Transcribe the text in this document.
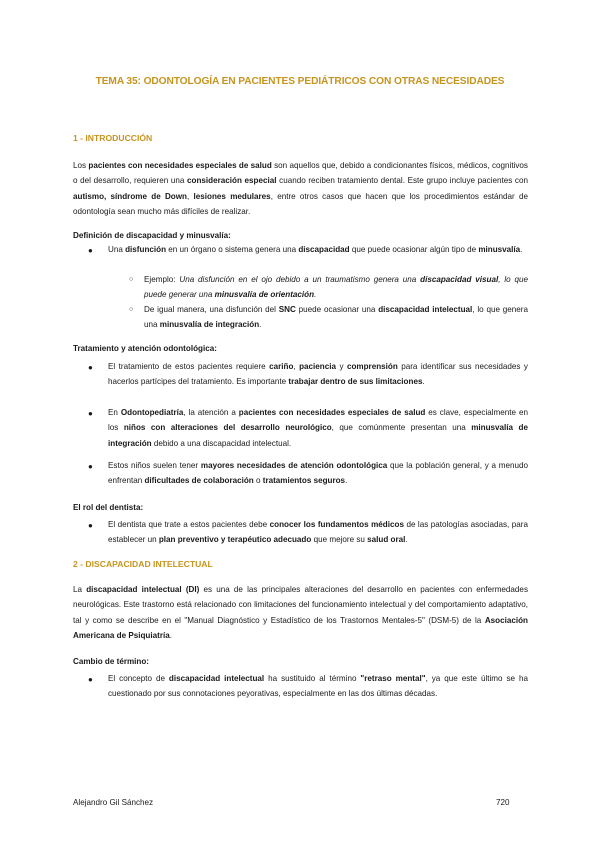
TEMA 35: ODONTOLOGÍA EN PACIENTES PEDIÁTRICOS CON OTRAS NECESIDADES
1 - INTRODUCCIÓN
Los pacientes con necesidades especiales de salud son aquellos que, debido a condicionantes físicos, médicos, cognitivos o del desarrollo, requieren una consideración especial cuando reciben tratamiento dental. Este grupo incluye pacientes con autismo, síndrome de Down, lesiones medulares, entre otros casos que hacen que los procedimientos estándar de odontología sean mucho más difíciles de realizar.
Definición de discapacidad y minusvalía:
● Una disfunción en un órgano o sistema genera una discapacidad que puede ocasionar algún tipo de minusvalía.
○ Ejemplo: Una disfunción en el ojo debido a un traumatismo genera una discapacidad visual, lo que puede generar una minusvalía de orientación.
○ De igual manera, una disfunción del SNC puede ocasionar una discapacidad intelectual, lo que genera una minusvalía de integración.
Tratamiento y atención odontológica:
● El tratamiento de estos pacientes requiere cariño, paciencia y comprensión para identificar sus necesidades y hacerlos partícipes del tratamiento. Es importante trabajar dentro de sus limitaciones.
● En Odontopediatría, la atención a pacientes con necesidades especiales de salud es clave, especialmente en los niños con alteraciones del desarrollo neurológico, que comúnmente presentan una minusvalía de integración debido a una discapacidad intelectual.
● Estos niños suelen tener mayores necesidades de atención odontológica que la población general, y a menudo enfrentan dificultades de colaboración o tratamientos seguros.
El rol del dentista:
● El dentista que trate a estos pacientes debe conocer los fundamentos médicos de las patologías asociadas, para establecer un plan preventivo y terapéutico adecuado que mejore su salud oral.
2 - DISCAPACIDAD INTELECTUAL
La discapacidad intelectual (DI) es una de las principales alteraciones del desarrollo en pacientes con enfermedades neurológicas. Este trastorno está relacionado con limitaciones del funcionamiento intelectual y del comportamiento adaptativo, tal y como se describe en el "Manual Diagnóstico y Estadístico de los Trastornos Mentales-5" (DSM-5) de la Asociación Americana de Psiquiatría.
Cambio de término:
● El concepto de discapacidad intelectual ha sustituido al término "retraso mental", ya que este último se ha cuestionado por sus connotaciones peyorativas, especialmente en las dos últimas décadas.
Alejandro Gil Sánchez	720
